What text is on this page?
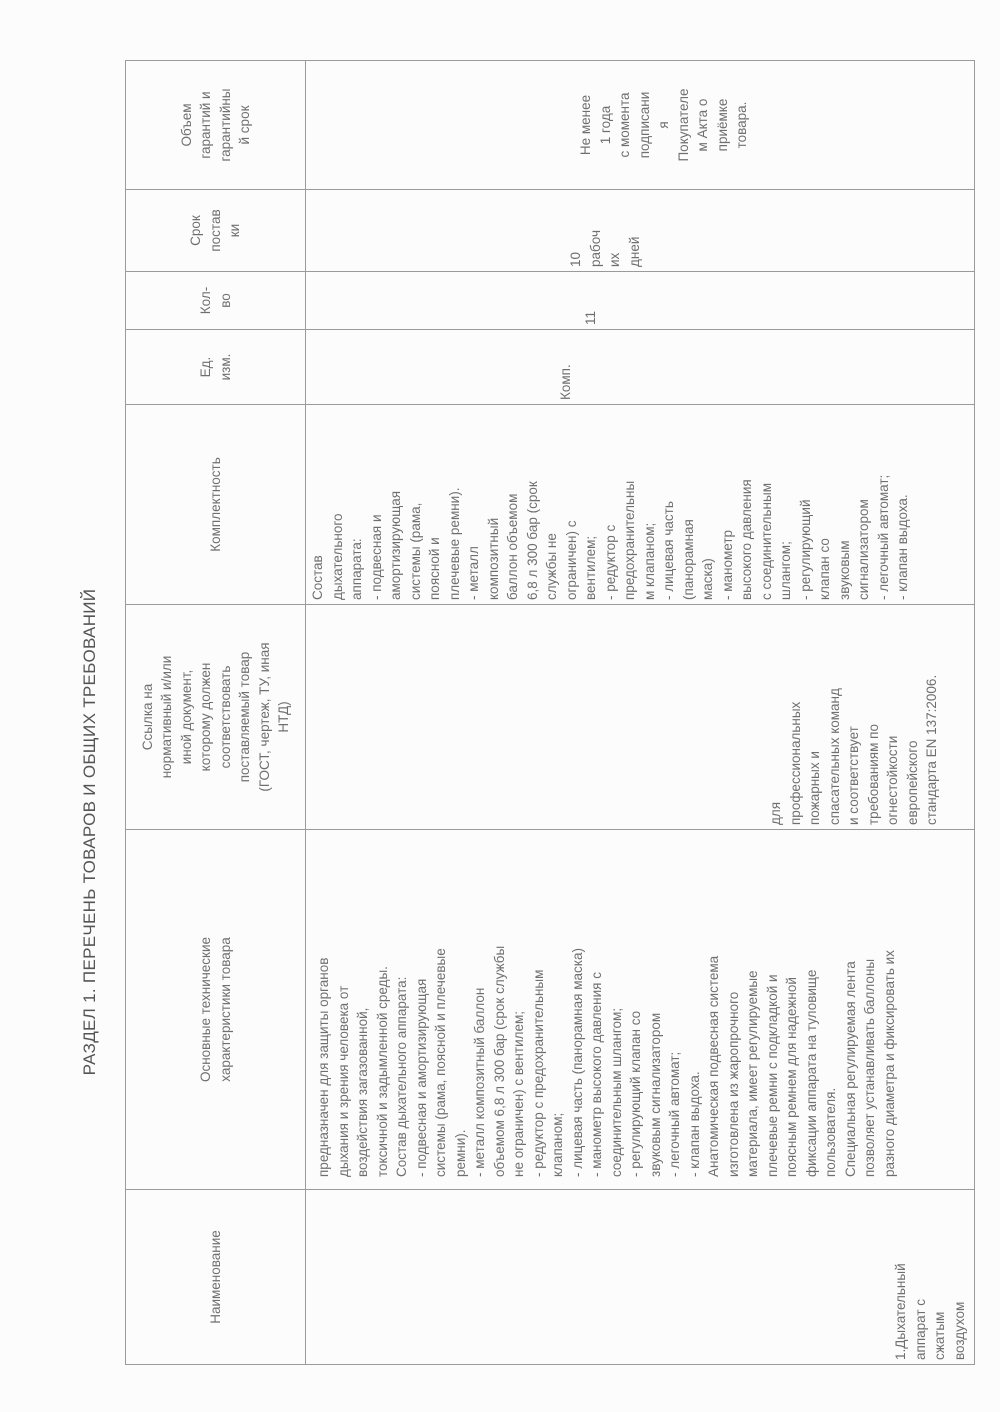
РАЗДЕЛ 1. ПЕРЕЧЕНЬ ТОВАРОВ И ОБЩИХ ТРЕБОВАНИЙ
Наименование
Основные технические
характеристики товара
Ссылка на
нормативный и/или
иной документ,
которому должен
соответствовать
поставляемый товар
(ГОСТ, чертеж, ТУ, иная
НТД)
Комплектность
Ед.
изм.
Кол-
во
Срок
постав
ки
Объем
гарантий и
гарантийны
й срок
1.Дыхательный
аппарат с
сжатым
воздухом
предназначен для защиты органов
дыхания и зрения человека от
воздействия загазованной,
токсичной и задымленной среды.
Состав дыхательного аппарата:
- подвесная и амортизирующая
системы (рама, поясной и плечевые
ремни).
- металл композитный баллон
объемом 6,8 л 300 бар (срок службы
не ограничен) с вентилем;
- редуктор с предохранительным
клапаном;
- лицевая часть (панорамная маска)
- манометр высокого давления с
соединительным шлангом;
- регулирующий клапан со
звуковым сигнализатором
- легочный автомат;
- клапан выдоха.
Анатомическая подвесная система
изготовлена из жаропрочного
материала, имеет регулируемые
плечевые ремни с подкладкой и
поясным ремнем для надежной
фиксации аппарата на туловище
пользователя.
Специальная регулируемая лента
позволяет устанавливать баллоны
разного диаметра и фиксировать их
для
профессиональных
пожарных и
спасательных команд
и соответствует
требованиям по
огнестойкости
европейского
стандарта EN 137:2006.
Состав
дыхательного
аппарата:
- подвесная и
амортизирующая
системы (рама,
поясной и
плечевые ремни).
- металл
композитный
баллон объемом
6,8 л 300 бар (срок
службы не
ограничен) с
вентилем;
- редуктор с
предохранительны
м клапаном;
- лицевая часть
(панорамная
маска)
- манометр
высокого давления
с соединительным
шлангом;
- регулирующий
клапан со
звуковым
сигнализатором
- легочный автомат;
- клапан выдоха.
Комп.
11
10
рабоч
их
дней
Не менее
1 года
с момента
подписани
я
Покупателе
м Акта о
приёмке
товара.
